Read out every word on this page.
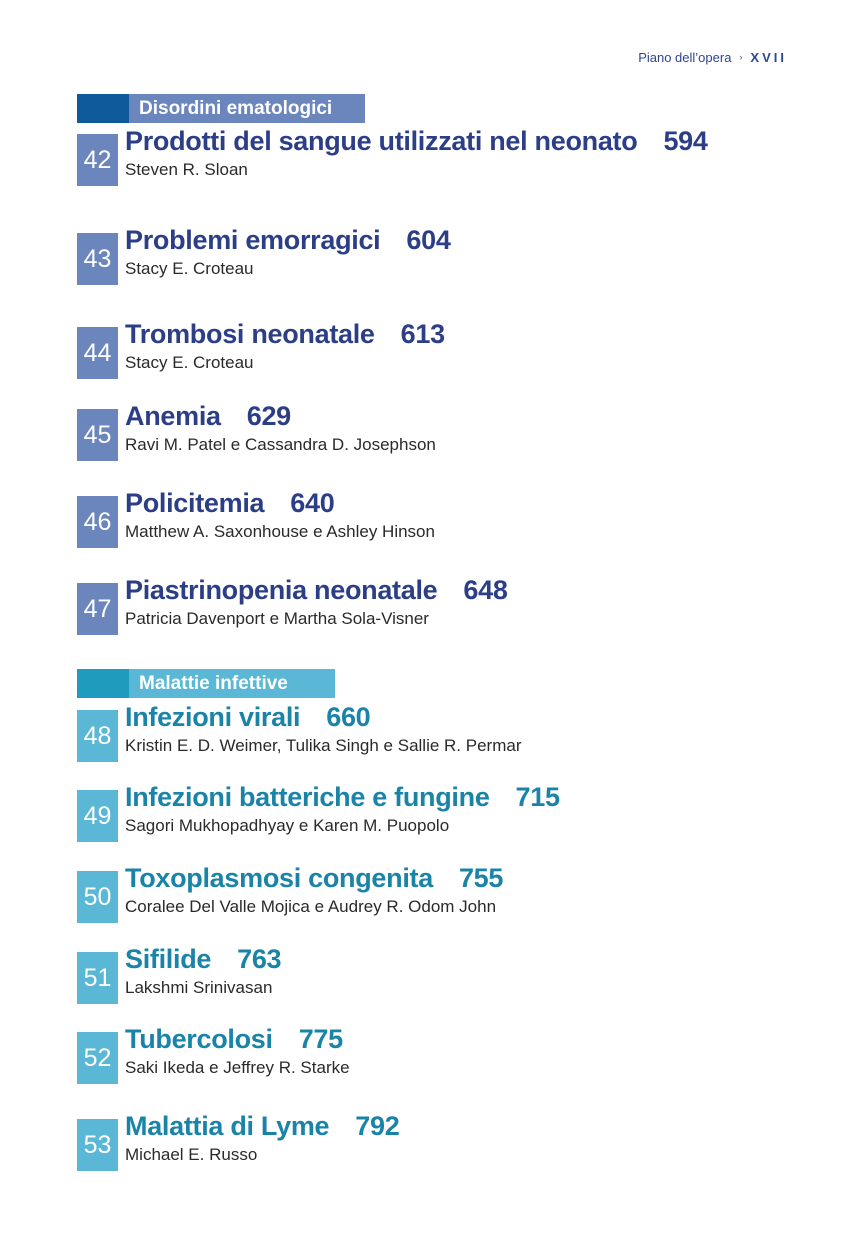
Piano dell’opera › XVII
Disordini ematologici
42
Prodotti del sangue utilizzati nel neonato 594
Steven R. Sloan
43
Problemi emorragici 604
Stacy E. Croteau
44
Trombosi neonatale 613
Stacy E. Croteau
45
Anemia 629
Ravi M. Patel e Cassandra D. Josephson
46
Policitemia 640
Matthew A. Saxonhouse e Ashley Hinson
47
Piastrinopenia neonatale 648
Patricia Davenport e Martha Sola-Visner
Malattie infettive
48
Infezioni virali 660
Kristin E. D. Weimer, Tulika Singh e Sallie R. Permar
49
Infezioni batteriche e fungine 715
Sagori Mukhopadhyay e Karen M. Puopolo
50
Toxoplasmosi congenita 755
Coralee Del Valle Mojica e Audrey R. Odom John
51
Sifilide 763
Lakshmi Srinivasan
52
Tubercolosi 775
Saki Ikeda e Jeffrey R. Starke
53
Malattia di Lyme 792
Michael E. Russo
